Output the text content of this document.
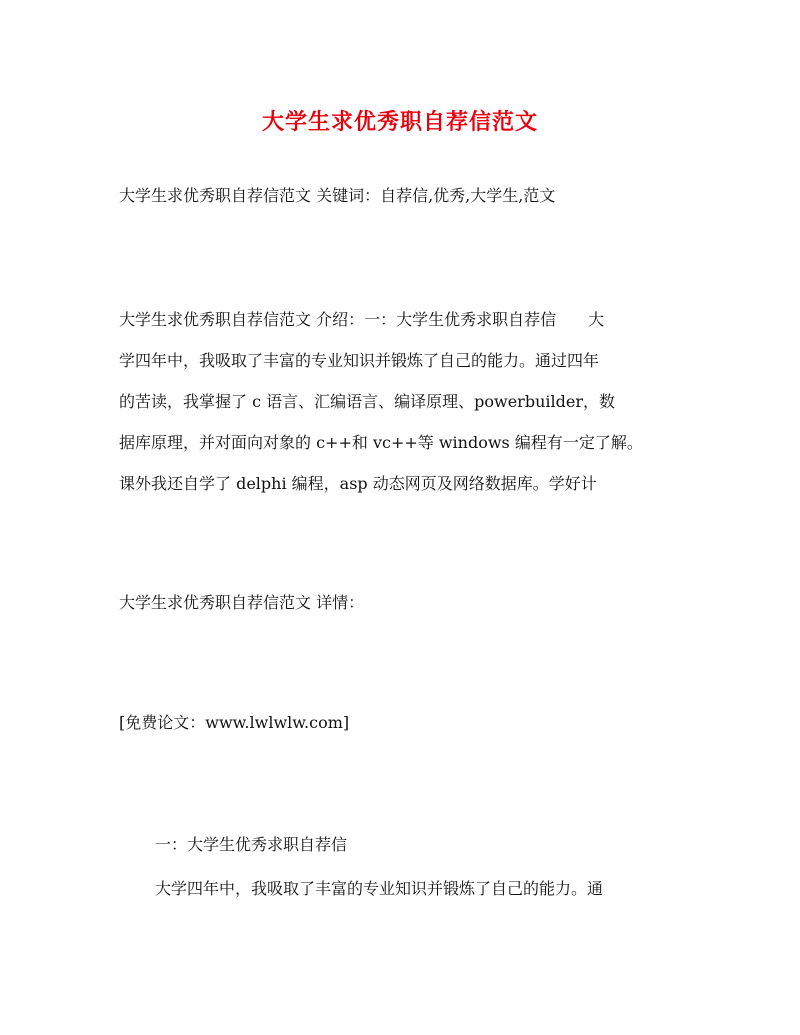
大学生求优秀职自荐信范文
大学生求优秀职自荐信范文 关键词：自荐信,优秀,大学生,范文
大学生求优秀职自荐信范文 介绍：一：大学生优秀求职自荐信　　大
学四年中，我吸取了丰富的专业知识并锻炼了自己的能力。通过四年
的苦读，我掌握了 c 语言、汇编语言、编译原理、powerbuilder，数
据库原理，并对面向对象的 c++和 vc++等 windows 编程有一定了解。
课外我还自学了 delphi 编程，asp 动态网页及网络数据库。学好计
大学生求优秀职自荐信范文 详情：
[免费论文：www.lwlwlw.com]
一：大学生优秀求职自荐信
大学四年中，我吸取了丰富的专业知识并锻炼了自己的能力。通
